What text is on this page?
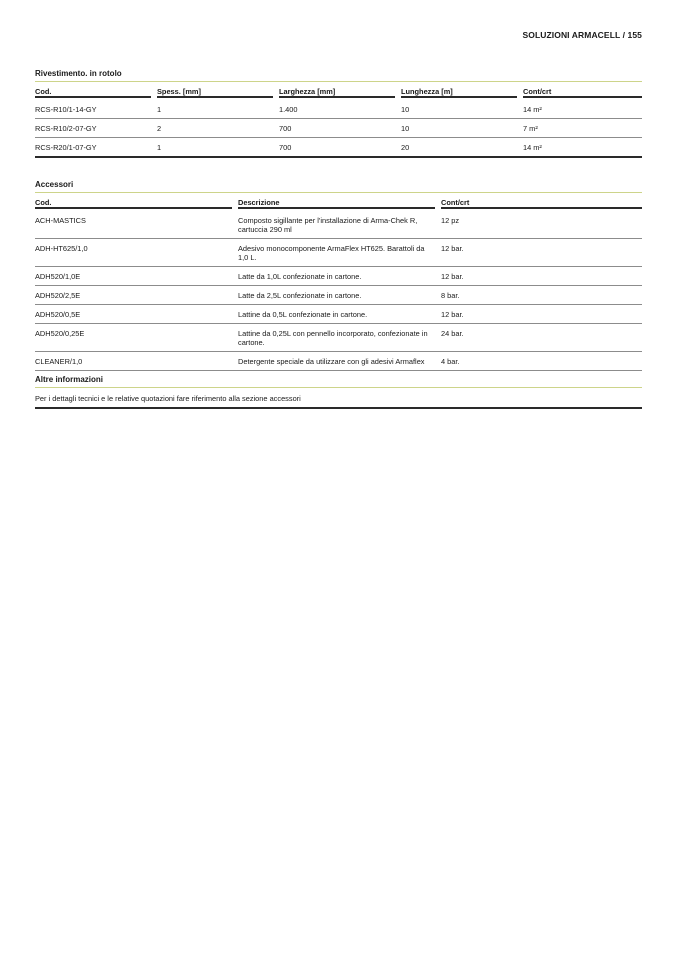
SOLUZIONI ARMACELL / 155
Rivestimento. in rotolo
Cod.	Spess. [mm]	Larghezza [mm]	Lunghezza [m]	Cont/crt

RCS-R10/1-14-GY	1	1.400	10	14 m²
RCS-R10/2-07-GY	2	700	10	7 m²
RCS-R20/1-07-GY	1	700	20	14 m²
Accessori
Cod.	Descrizione	Cont/crt

ACH-MASTICS	Composto sigillante per l'installazione di Arma-Chek R, cartuccia 290 ml	12 pz
ADH-HT625/1,0	Adesivo monocomponente ArmaFlex HT625. Barattoli da 1,0 L.	12 bar.
ADH520/1,0E	Latte da 1,0L confezionate in cartone.	12 bar.
ADH520/2,5E	Latte da 2,5L confezionate in cartone.	8 bar.
ADH520/0,5E	Lattine da 0,5L confezionate in cartone.	12 bar.
ADH520/0,25E	Lattine da 0,25L con pennello incorporato, confezionate in cartone.	24 bar.
CLEANER/1,0	Detergente speciale da utilizzare con gli adesivi Armaflex	4 bar.
Altre informazioni
Per i dettagli tecnici e le relative quotazioni fare riferimento alla sezione accessori
